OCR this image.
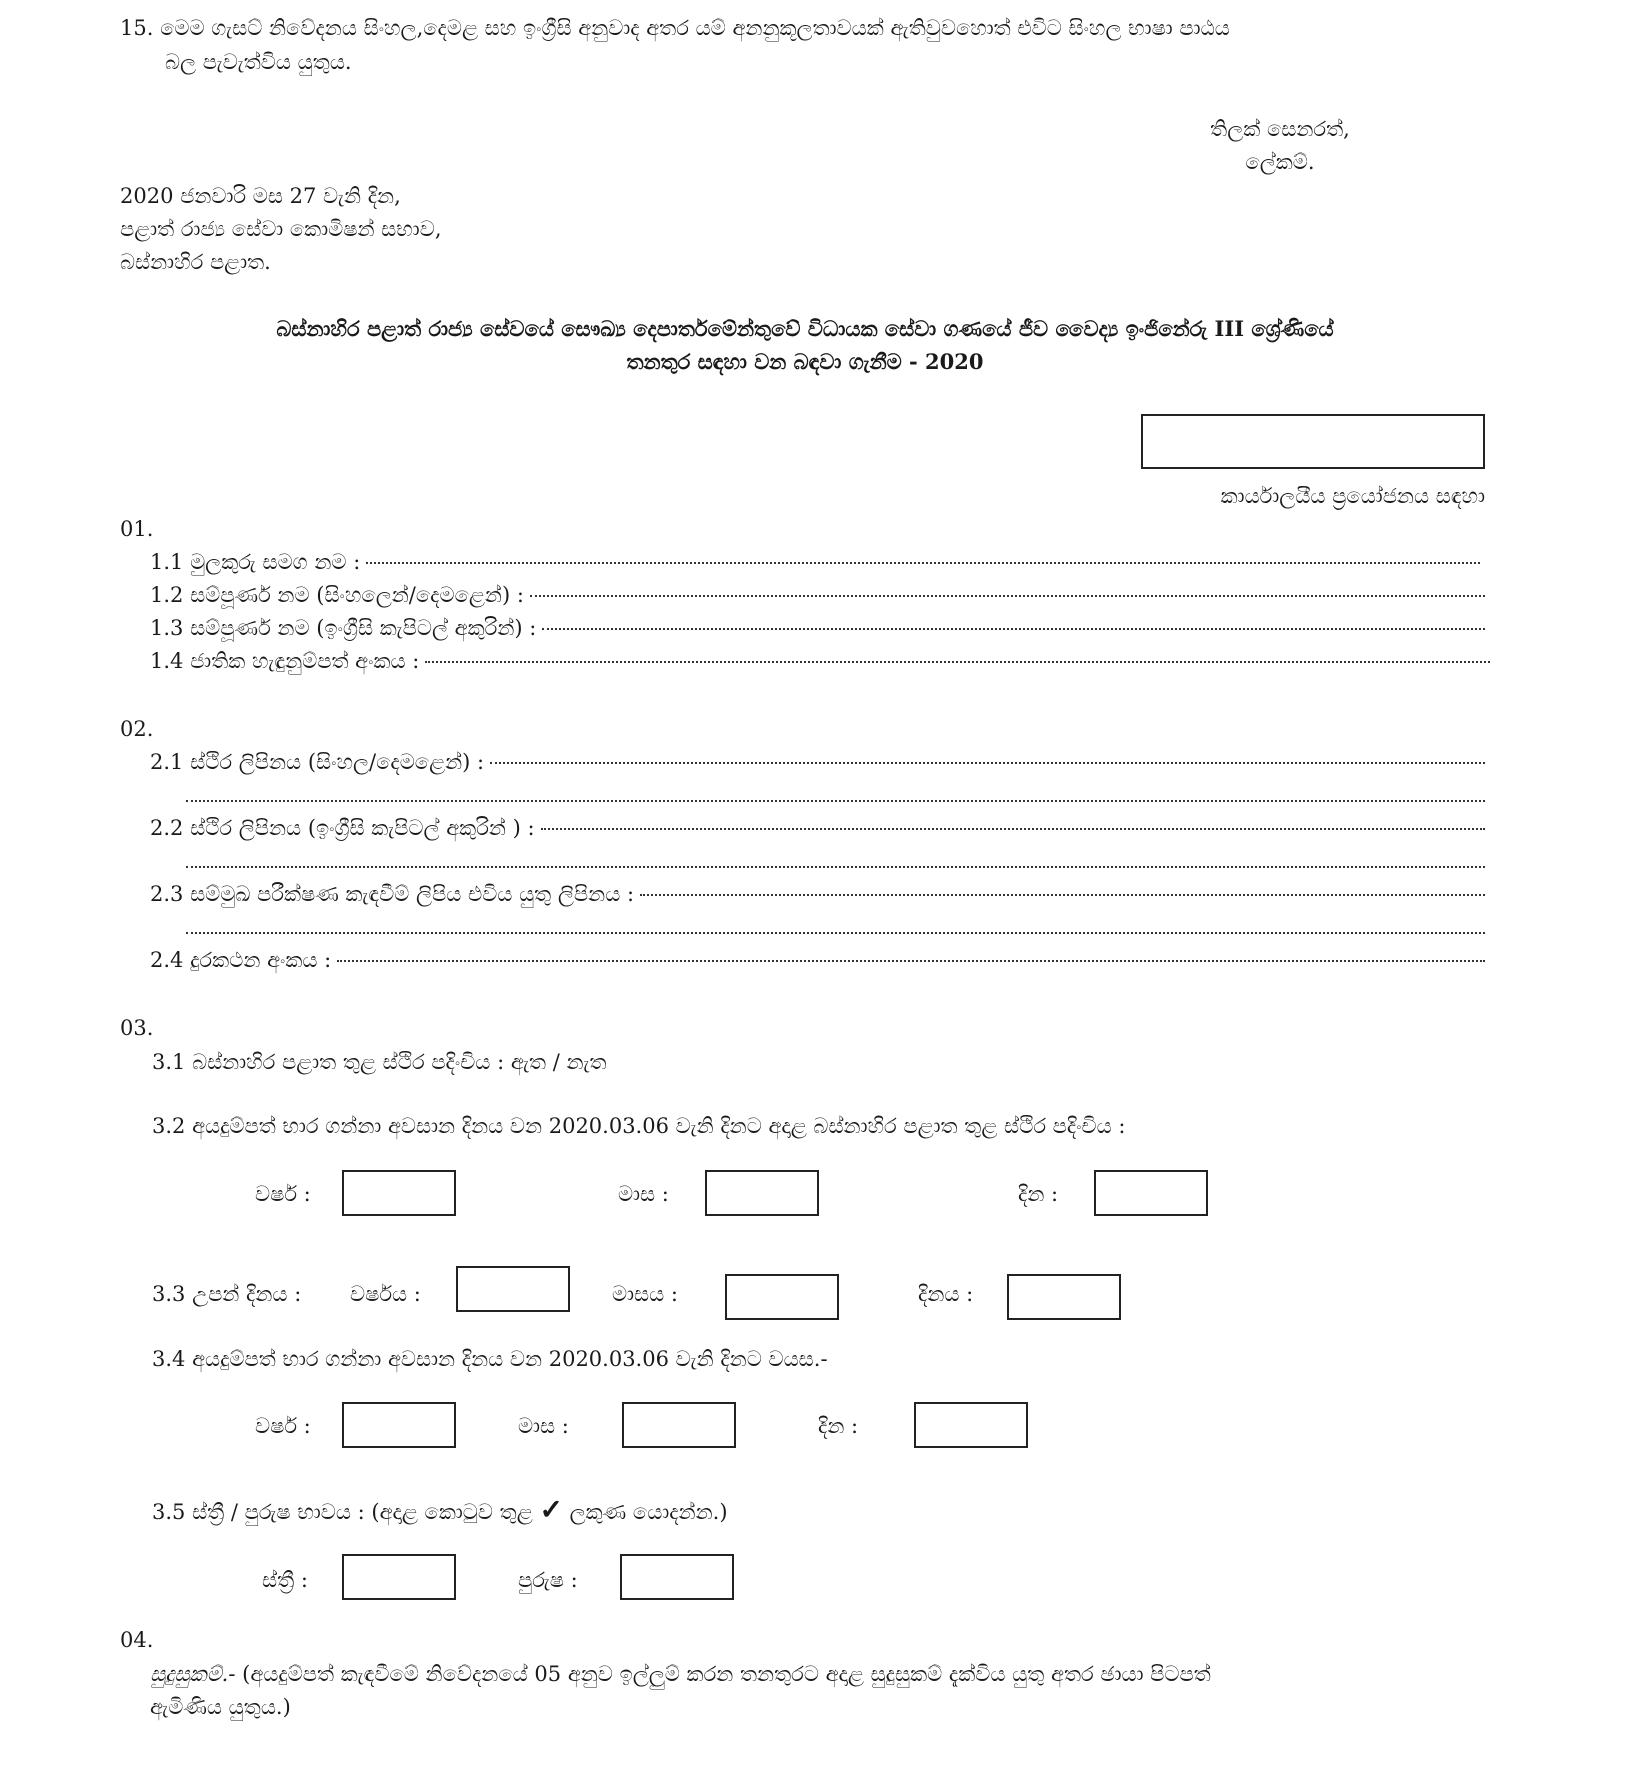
15. මෙම ගැසට් නිවේදනය සිංහල,දෙමළ සහ ඉංග්‍රීසි අනුවාද අතර යම් අනනුකූලතාවයක් ඇතිවුවහොත් එවිට සිංහල භාෂා පාඨය
බල පැවැත්විය යුතුය.
තිලක් සෙනරත්,
ලේකම්.
2020 ජනවාරි මස 27 වැනි දින,
පළාත් රාජ්‍ය සේවා කොමිෂන් සභාව,
බස්නාහිර පළාත.
බස්නාහිර පළාත් රාජ්‍ය සේවයේ සෞඛ්‍ය දෙපාර්තමේන්තුවේ විධායක සේවා ගණයේ ජීව වෛද්‍ය ඉංජිනේරු III ශ්‍රේණියේ
තනතුර සඳහා වන බඳවා ගැනීම - 2020
කාර්යාලයීය ප්‍රයෝජනය සඳහා
01.
1.1 මුලකුරු සමග නම :
1.2 සම්පූර්ණ නම (සිංහලෙන්/දෙමළෙන්) :
1.3 සම්පූර්ණ නම (ඉංග්‍රීසි කැපිටල් අකුරින්) :
1.4 ජාතික හැඳුනුම්පත් අංකය :
02.
2.1 ස්ථිර ලිපිනය (සිංහල/දෙමළෙන්) :
2.2 ස්ථිර ලිපිනය (ඉංග්‍රීසි කැපිටල් අකුරින් ) :
2.3 සම්මුඛ පරීක්ෂණ කැඳවීම් ලිපිය එවිය යුතු ලිපිනය :
2.4 දුරකථන අංකය :
03.
3.1 බස්නාහිර පළාත තුළ ස්ථිර පදිංචිය : ඇත / නැත
3.2 අයදුම්පත් භාර ගන්නා අවසාන දිනය වන 2020.03.06 වැනි දිනට අදාළ බස්නාහිර පළාත තුළ ස්ථිර පදිංචිය :
වර්ෂ :	මාස :	දින :
3.3 උපන් දිනය : වර්ෂය :	මාසය :	දිනය :
3.4 අයදුම්පත් භාර ගන්නා අවසාන දිනය වන 2020.03.06 වැනි දිනට වයස.-
වර්ෂ :	මාස :	දින :
3.5 ස්ත්‍රී / පුරුෂ භාවය : (අදාළ කොටුව තුළ ✓ ලකුණ යොදන්න.)
ස්ත්‍රී :	පුරුෂ :
04.
සුදුසුකම්.- (අයදුම්පත් කැඳවීමේ නිවේදනයේ 05 අනුව ඉල්ලුම් කරන තනතුරට අදාළ සුදුසුකම් දැක්විය යුතු අතර ඡායා පිටපත්
ඇමිණිය යුතුය.)
